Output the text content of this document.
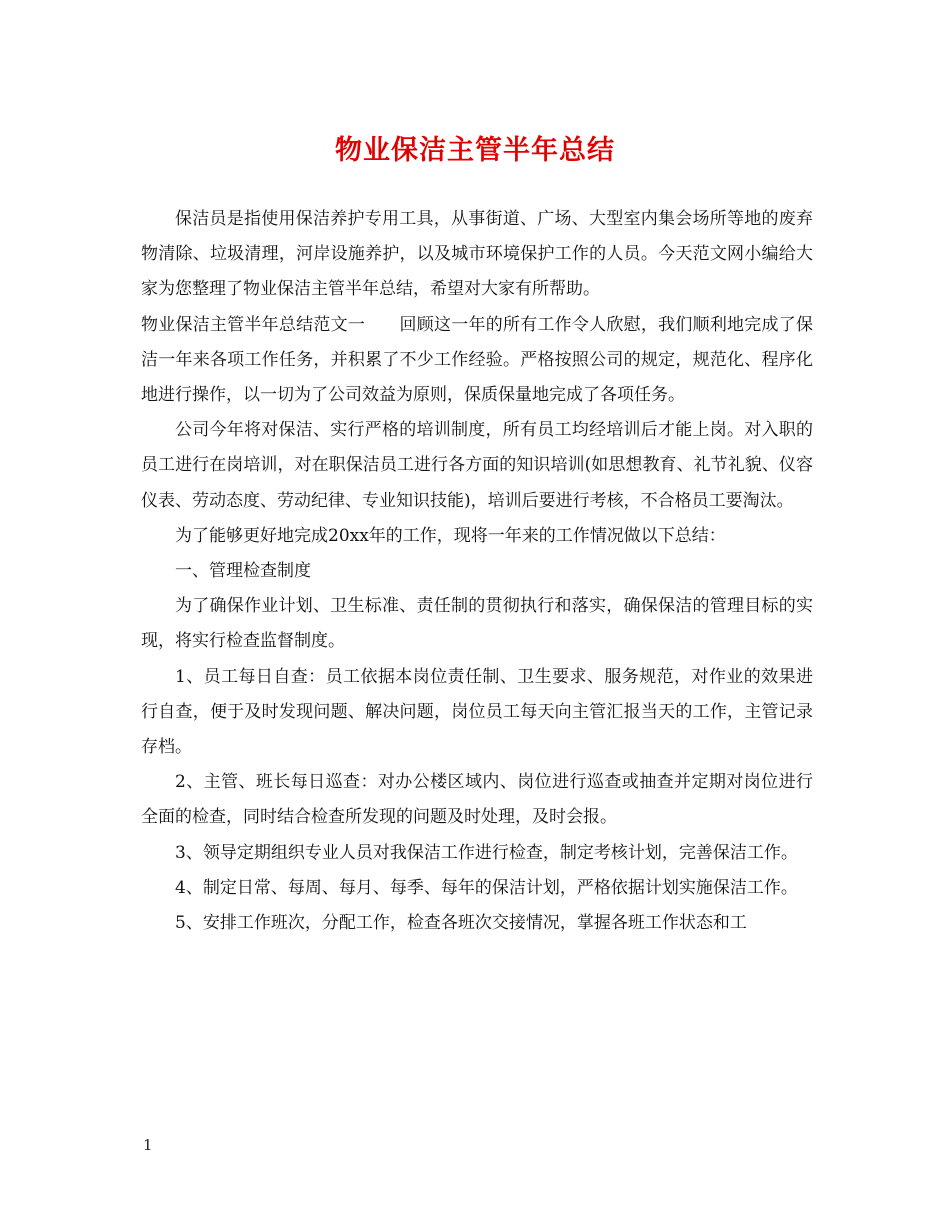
物业保洁主管半年总结

保洁员是指使用保洁养护专用工具，从事街道、广场、大型室内集会场所等地的废弃物清除、垃圾清理，河岸设施养护，以及城市环境保护工作的人员。今天范文网小编给大家为您整理了物业保洁主管半年总结，希望对大家有所帮助。

物业保洁主管半年总结范文一　　回顾这一年的所有工作令人欣慰，我们顺利地完成了保洁一年来各项工作任务，并积累了不少工作经验。严格按照公司的规定，规范化、程序化地进行操作，以一切为了公司效益为原则，保质保量地完成了各项任务。

公司今年将对保洁、实行严格的培训制度，所有员工均经培训后才能上岗。对入职的员工进行在岗培训，对在职保洁员工进行各方面的知识培训(如思想教育、礼节礼貌、仪容仪表、劳动态度、劳动纪律、专业知识技能)，培训后要进行考核，不合格员工要淘汰。

为了能够更好地完成20xx年的工作，现将一年来的工作情况做以下总结：

一、管理检查制度

为了确保作业计划、卫生标准、责任制的贯彻执行和落实，确保保洁的管理目标的实现，将实行检查监督制度。

1、员工每日自查：员工依据本岗位责任制、卫生要求、服务规范，对作业的效果进行自查，便于及时发现问题、解决问题，岗位员工每天向主管汇报当天的工作，主管记录存档。

2、主管、班长每日巡查：对办公楼区域内、岗位进行巡查或抽查并定期对岗位进行全面的检查，同时结合检查所发现的问题及时处理，及时会报。

3、领导定期组织专业人员对我保洁工作进行检查，制定考核计划，完善保洁工作。

4、制定日常、每周、每月、每季、每年的保洁计划，严格依据计划实施保洁工作。

5、安排工作班次，分配工作，检查各班次交接情况，掌握各班工作状态和工

1
